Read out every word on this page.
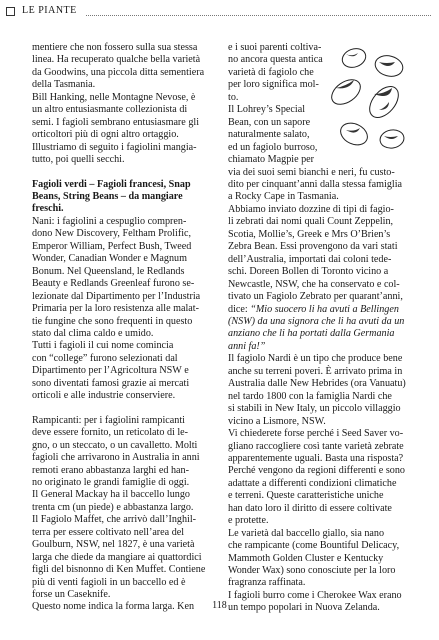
LE PIANTE
mentiere che non fossero sulla sua stessa
linea. Ha recuperato qualche bella varietà
da Goodwins, una piccola ditta sementiera
della Tasmania.
Bill Hanking, nelle Montagne Nevose, è
un altro entusiasmante collezionista di
semi. I fagioli sembrano entusiasmare gli
orticoltori più di ogni altro ortaggio.
Illustriamo di seguito i fagiolini mangia-
tutto, poi quelli secchi.
Fagioli verdi – Fagioli francesi, Snap
Beans, String Beans – da mangiare
freschi.
Nani: i fagiolini a cespuglio compren-
dono New Discovery, Feltham Prolific,
Emperor William, Perfect Bush, Tweed
Wonder, Canadian Wonder e Magnum
Bonum. Nel Queensland, le Redlands
Beauty e Redlands Greenleaf furono se-
lezionate dal Dipartimento per l’Industria
Primaria per la loro resistenza alle malat-
tie fungine che sono frequenti in questo
stato dal clima caldo e umido.
Tutti i fagioli il cui nome comincia
con “college” furono selezionati dal
Dipartimento per l’Agricoltura NSW e
sono diventati famosi grazie ai mercati
orticoli e alle industrie conserviere.
Rampicanti: per i fagiolini rampicanti
deve essere fornito, un reticolato di le-
gno, o un steccato, o un cavalletto. Molti
fagioli che arrivarono in Australia in anni
remoti erano abbastanza larghi ed han-
no originato le grandi famiglie di oggi.
Il General Mackay ha il baccello lungo
trenta cm (un piede) e abbastanza largo.
Il Fagiolo Maffet, che arrivò dall’Inghil-
terra per essere coltivato nell’area del
Goulburn, NSW, nel 1827, è una varietà
larga che diede da mangiare ai quattordici
figli del bisnonno di Ken Muffet. Contiene
più di venti fagioli in un baccello ed è
forse un Caseknife.
Questo nome indica la forma larga. Ken
e i suoi parenti coltiva-
no ancora questa antica
varietà di fagiolo che
per loro significa mol-
to.
Il Lohrey’s Special
Bean, con un sapore
naturalmente salato,
ed un fagiolo burroso,
chiamato Magpie per
via dei suoi semi bianchi e neri, fu custo-
dito per cinquant’anni dalla stessa famiglia
a Rocky Cape in Tasmania.
Abbiamo inviato dozzine di tipi di fagio-
li zebrati dai nomi quali Count Zeppelin,
Scotia, Mollie’s, Greek e Mrs O’Brien’s
Zebra Bean. Essi provengono da vari stati
dell’Australia, importati dai coloni tede-
schi. Doreen Bollen di Toronto vicino a
Newcastle, NSW, che ha conservato e col-
tivato un Fagiolo Zebrato per quarant’anni,
dice: “Mio suocero li ha avuti a Bellingen
(NSW) da una signora che li ha avuti da un
anziano che li ha portati dalla Germania
anni fa!”
Il fagiolo Nardi è un tipo che produce bene
anche su terreni poveri. È arrivato prima in
Australia dalle New Hebrides (ora Vanuatu)
nel tardo 1800 con la famiglia Nardi che
si stabilì in New Italy, un piccolo villaggio
vicino a Lismore, NSW.
Vi chiederete forse perché i Seed Saver vo-
gliano raccogliere così tante varietà zebrate
apparentemente uguali. Basta una risposta?
Perché vengono da regioni differenti e sono
adattate a differenti condizioni climatiche
e terreni. Queste caratteristiche uniche
han dato loro il diritto di essere coltivate
e protette.
Le varietà dal baccello giallo, sia nano
che rampicante (come Bountiful Delicacy,
Mammoth Golden Cluster e Kentucky
Wonder Wax) sono conosciute per la loro
fragranza raffinata.
I fagioli burro come i Cherokee Wax erano
un tempo popolari in Nuova Zelanda.
118
